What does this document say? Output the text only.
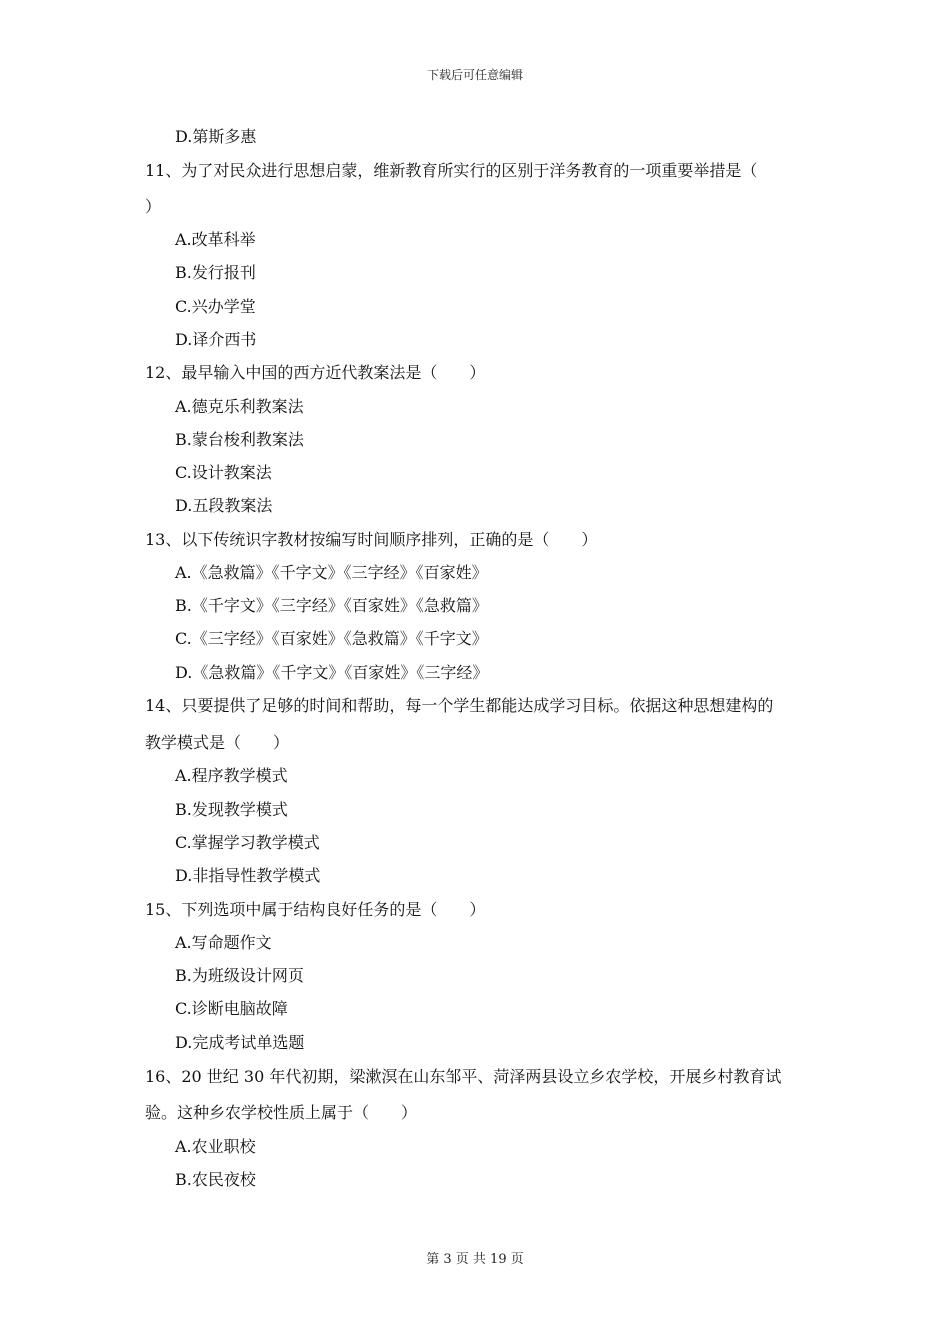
下载后可任意编辑
D.第斯多惠
11、为了对民众进行思想启蒙，维新教育所实行的区别于洋务教育的一项重要举措是（
）
A.改革科举
B.发行报刊
C.兴办学堂
D.译介西书
12、最早输入中国的西方近代教案法是（　　）
A.德克乐利教案法
B.蒙台梭利教案法
C.设计教案法
D.五段教案法
13、以下传统识字教材按编写时间顺序排列，正确的是（　　）
A.《急救篇》《千字文》《三字经》《百家姓》
B.《千字文》《三字经》《百家姓》《急救篇》
C.《三字经》《百家姓》《急救篇》《千字文》
D.《急救篇》《千字文》《百家姓》《三字经》
14、只要提供了足够的时间和帮助，每一个学生都能达成学习目标。依据这种思想建构的
教学模式是（　　）
A.程序教学模式
B.发现教学模式
C.掌握学习教学模式
D.非指导性教学模式
15、下列选项中属于结构良好任务的是（　　）
A.写命题作文
B.为班级设计网页
C.诊断电脑故障
D.完成考试单选题
16、20 世纪 30 年代初期，梁漱溟在山东邹平、菏泽两县设立乡农学校，开展乡村教育试
验。这种乡农学校性质上属于（　　）
A.农业职校
B.农民夜校
第 3 页 共 19 页
